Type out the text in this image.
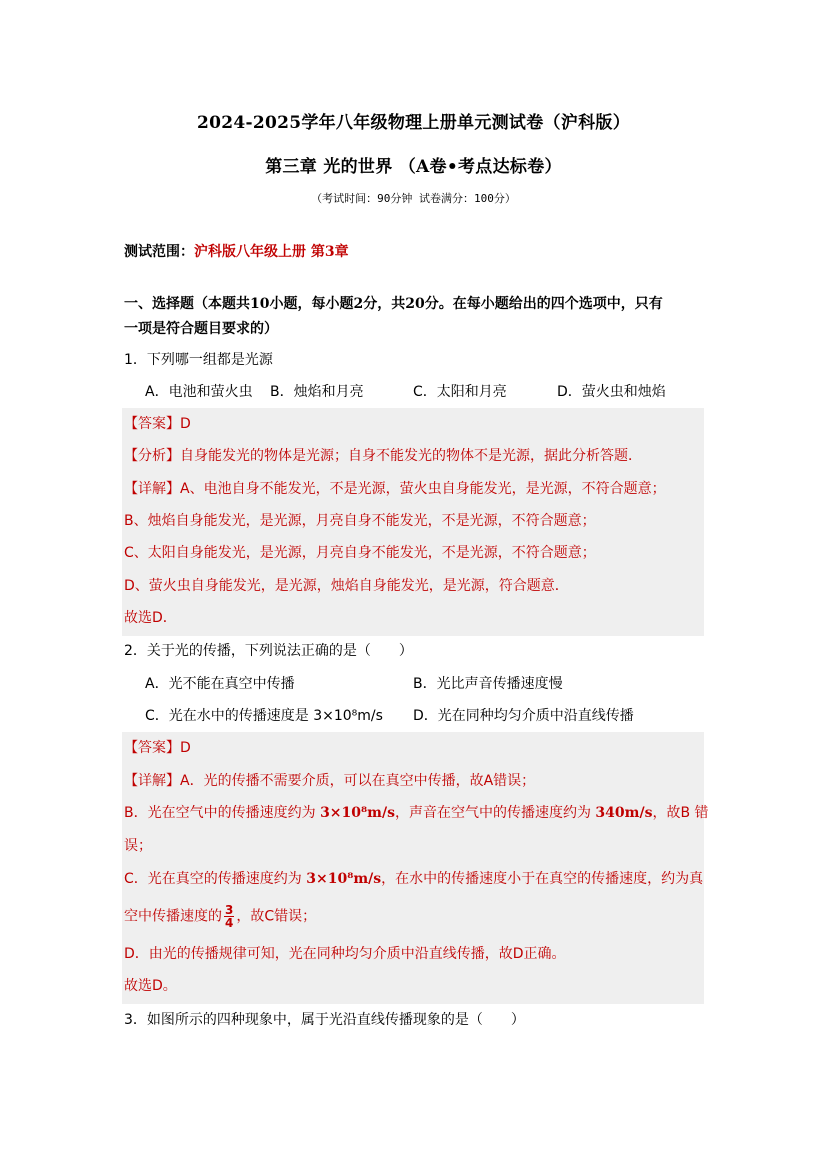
2024-2025学年八年级物理上册单元测试卷（沪科版）
第三章 光的世界 （A卷•考点达标卷）
（考试时间：90分钟 试卷满分：100分）
测试范围：沪科版八年级上册 第3章
一、选择题（本题共10小题，每小题2分，共20分。在每小题给出的四个选项中，只有
一项是符合题目要求的）
1．下列哪一组都是光源
A．电池和萤火虫 B．烛焰和月亮	C．太阳和月亮	D．萤火虫和烛焰
【答案】D
【分析】自身能发光的物体是光源；自身不能发光的物体不是光源，据此分析答题．
【详解】A、电池自身不能发光，不是光源，萤火虫自身能发光，是光源，不符合题意；
B、烛焰自身能发光，是光源，月亮自身不能发光，不是光源，不符合题意；
C、太阳自身能发光，是光源，月亮自身不能发光，不是光源，不符合题意；
D、萤火虫自身能发光，是光源，烛焰自身能发光，是光源，符合题意．
故选D．
2．关于光的传播，下列说法正确的是（　　）
A．光不能在真空中传播	B．光比声音传播速度慢
C．光在水中的传播速度是 3×10⁸m/s D．光在同种均匀介质中沿直线传播
【答案】D
【详解】A．光的传播不需要介质，可以在真空中传播，故A错误；
B．光在空气中的传播速度约为 3×10⁸m/s，声音在空气中的传播速度约为 340m/s，故B 错
误；
C．光在真空的传播速度约为 3×10⁸m/s，在水中的传播速度小于在真空的传播速度，约为真
空中传播速度的 $\frac{3}{4}$ ，故C错误；
D．由光的传播规律可知，光在同种均匀介质中沿直线传播，故D正确。
故选D。
3．如图所示的四种现象中，属于光沿直线传播现象的是（　　）
